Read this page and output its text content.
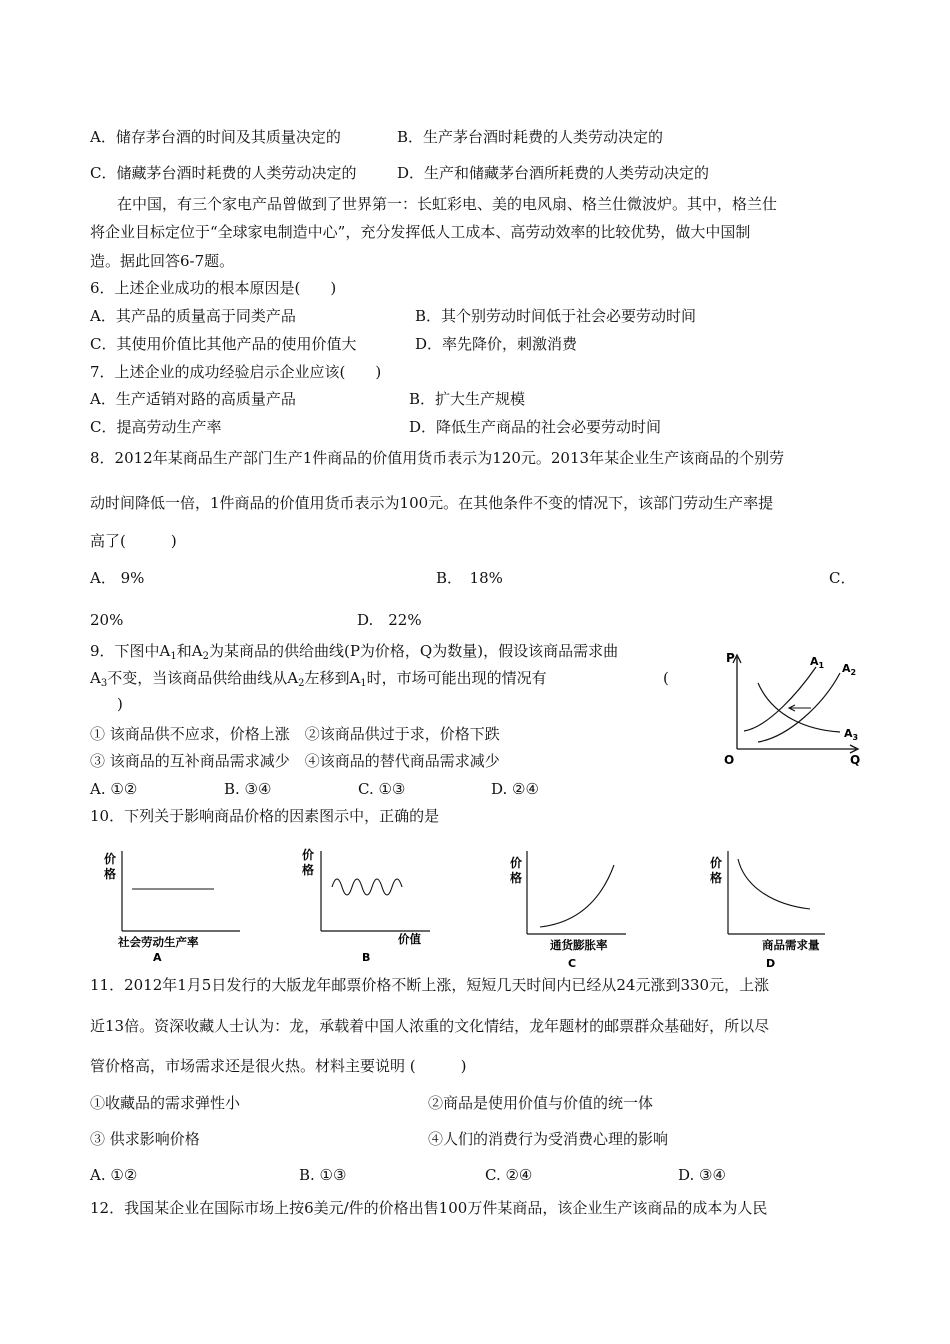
A．储存茅台酒的时间及其质量决定的	B．生产茅台酒时耗费的人类劳动决定的
C．储藏茅台酒时耗费的人类劳动决定的	D．生产和储藏茅台酒所耗费的人类劳动决定的
在中国，有三个家电产品曾做到了世界第一：长虹彩电、美的电风扇、格兰仕微波炉。其中，格兰仕
将企业目标定位于“全球家电制造中心”，充分发挥低人工成本、高劳动效率的比较优势，做大中国制
造。据此回答6-7题。
6．上述企业成功的根本原因是(　　)
A．其产品的质量高于同类产品	B．其个别劳动时间低于社会必要劳动时间
C．其使用价值比其他产品的使用价值大	D．率先降价，刺激消费
7．上述企业的成功经验启示企业应该(　　)
A．生产适销对路的高质量产品	B．扩大生产规模
C．提高劳动生产率	D．降低生产商品的社会必要劳动时间
8．2012年某商品生产部门生产1件商品的价值用货币表示为120元。2013年某企业生产该商品的个别劳
动时间降低一倍，1件商品的价值用货币表示为100元。在其他条件不变的情况下，该部门劳动生产率提
高了(　　　)
A． 9%	B．　18%	C．
20%	D.　22%
9．下图中$A_1$和$A_2$为某商品的供给曲线(P为价格，Q为数量)，假设该商品需求曲
$A_3$不变，当该商品供给曲线从$A_2$左移到$A_1$时，市场可能出现的情况有	(
)
① 该商品供不应求，价格上涨　②该商品供过于求，价格下跌
③ 该商品的互补商品需求减少　④该商品的替代商品需求减少
A. ①②	B. ③④	C. ①③	D. ②④
P
Q
O
$A_1$ $A_2$
$A_3$
10．下列关于影响商品价格的因素图示中，正确的是
价
格
社会劳动生产率
A
价
格
价值
B
价
格
通货膨胀率
C
价
格
商品需求量
D
11．2012年1月5日发行的大版龙年邮票价格不断上涨，短短几天时间内已经从24元涨到330元，上涨
近13倍。资深收藏人士认为：龙，承载着中国人浓重的文化情结，龙年题材的邮票群众基础好，所以尽
管价格高，市场需求还是很火热。材料主要说明 (　　　)
①收藏品的需求弹性小	②商品是使用价值与价值的统一体
③ 供求影响价格	④人们的消费行为受消费心理的影响
A. ①②	B. ①③	C. ②④	D. ③④
12．我国某企业在国际市场上按6美元/件的价格出售100万件某商品，该企业生产该商品的成本为人民
